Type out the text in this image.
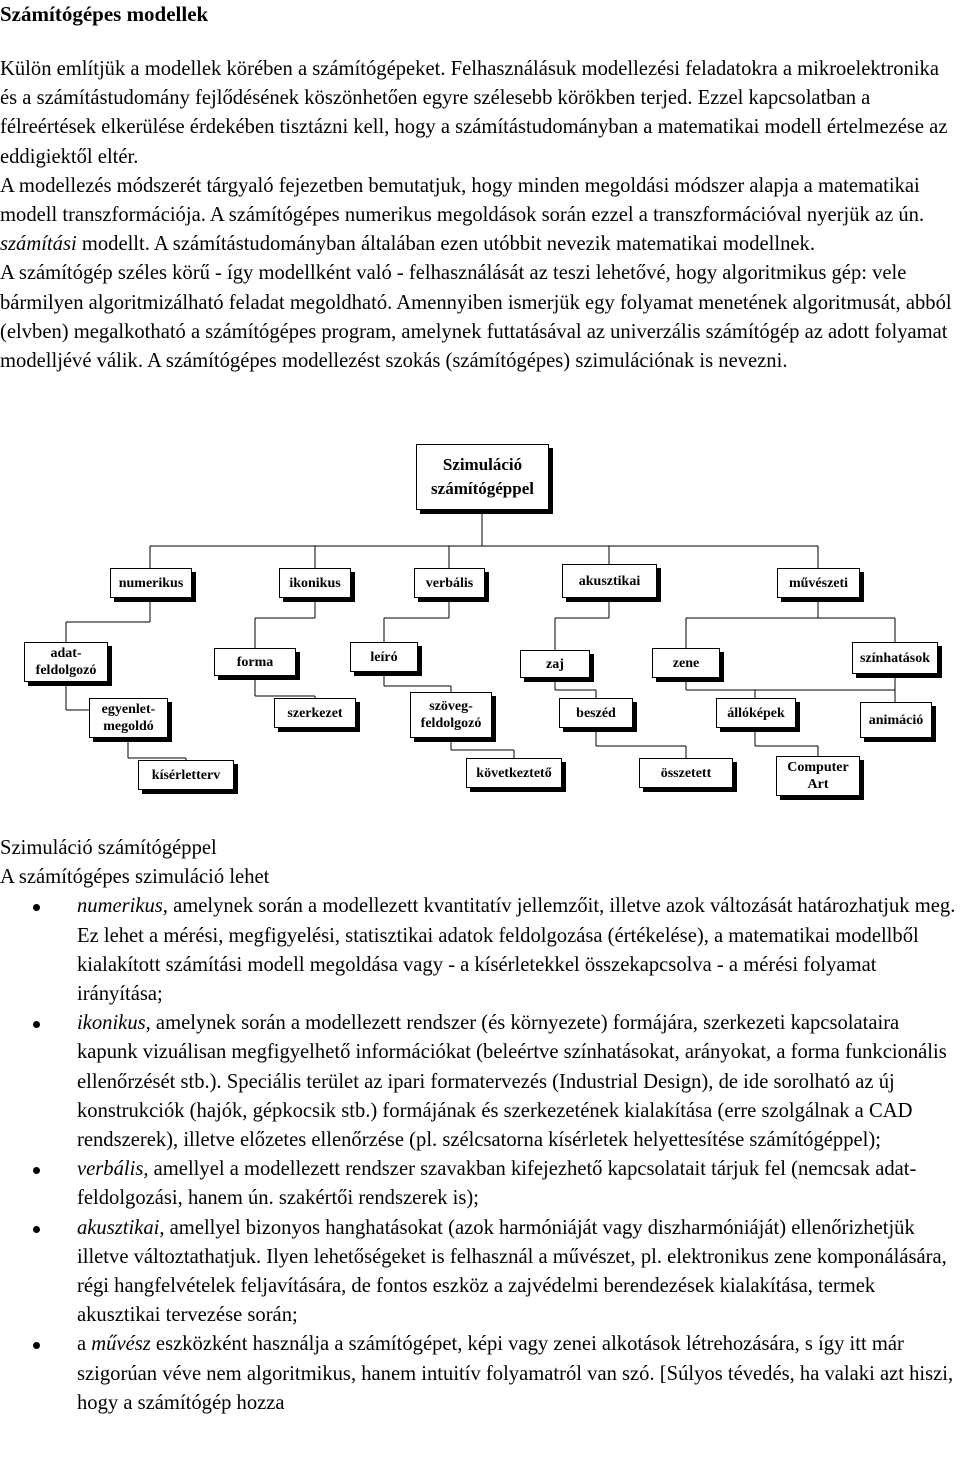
Számítógépes modellek

Külön említjük a modellek körében a számítógépeket. Felhasználásuk modellezési feladatokra a mikroelektronika és a számítástudomány fejlődésének köszönhetően egyre szélesebb körökben terjed. Ezzel kapcsolatban a félreértések elkerülése érdekében tisztázni kell, hogy a számítástudományban a matematikai modell értelmezése az eddigiektől eltér.

A modellezés módszerét tárgyaló fejezetben bemutatjuk, hogy minden megoldási módszer alapja a matematikai modell transzformációja. A számítógépes numerikus megoldások során ezzel a transzformációval nyerjük az ún. számítási modellt. A számítástudományban általában ezen utóbbit nevezik matematikai modellnek.

A számítógép széles körű - így modellként való - felhasználását az teszi lehetővé, hogy algoritmikus gép: vele bármilyen algoritmizálható feladat megoldható. Amennyiben ismerjük egy folyamat menetének algoritmusát, abból (elvben) megalkotható a számítógépes program, amelynek futtatásával az univerzális számítógép az adott folyamat modelljévé válik. A számítógépes modellezést szokás (számítógépes) szimulációnak is nevezni.

Szimuláció
számítógéppel
numerikus	ikonikus	verbális	akusztikai	művészeti
adat-
feldolgozó
egyenlet-
megoldó
kísérletterv
forma
szerkezet
leíró
szöveg-
feldolgozó
következtető
zaj
beszéd
összetett
zene	színhatások
állóképek	animáció
Computer
Art

Szimuláció számítógéppel

A számítógépes szimuláció lehet

numerikus, amelynek során a modellezett kvantitatív jellemzőit, illetve azok változását határozhatjuk meg. Ez lehet a mérési, megfigyelési, statisztikai adatok feldolgozása (értékelése), a matematikai modellből kialakított számítási modell megoldása vagy - a kísérletekkel összekapcsolva - a mérési folyamat irányítása;
ikonikus, amelynek során a modellezett rendszer (és környezete) formájára, szerkezeti kapcsolataira kapunk vizuálisan megfigyelhető információkat (beleértve színhatásokat, arányokat, a forma funkcionális ellenőrzését stb.). Speciális terület az ipari formatervezés (Industrial Design), de ide sorolható az új konstrukciók (hajók, gépkocsik stb.) formájának és szerkezetének kialakítása (erre szolgálnak a CAD rendszerek), illetve előzetes ellenőrzése (pl. szélcsatorna kísérletek helyettesítése számítógéppel);
verbális, amellyel a modellezett rendszer szavakban kifejezhető kapcsolatait tárjuk fel (nemcsak adat-feldolgozási, hanem ún. szakértői rendszerek is);
akusztikai, amellyel bizonyos hanghatásokat (azok harmóniáját vagy diszharmóniáját) ellenőrizhetjük illetve változtathatjuk. Ilyen lehetőségeket is felhasznál a művészet, pl. elektronikus zene komponálására, régi hangfelvételek feljavítására, de fontos eszköz a zajvédelmi berendezések kialakítása, termek akusztikai tervezése során;
a művész eszközként használja a számítógépet, képi vagy zenei alkotások létrehozására, s így itt már szigorúan véve nem algoritmikus, hanem intuitív folyamatról van szó. [Súlyos tévedés, ha valaki azt hiszi, hogy a számítógép hozza
